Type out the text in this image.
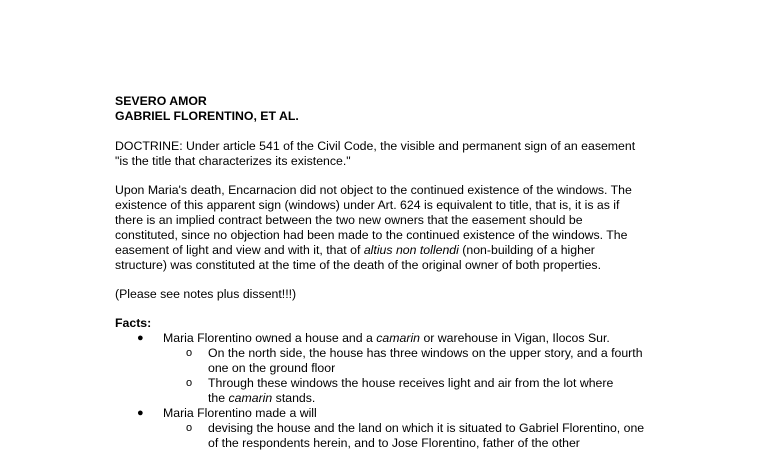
SEVERO AMOR
GABRIEL FLORENTINO, ET AL.
DOCTRINE: Under article 541 of the Civil Code, the visible and permanent sign of an easement
"is the title that characterizes its existence."
Upon Maria's death, Encarnacion did not object to the continued existence of the windows. The
existence of this apparent sign (windows) under Art. 624 is equivalent to title, that is, it is as if
there is an implied contract between the two new owners that the easement should be
constituted, since no objection had been made to the continued existence of the windows. The
easement of light and view and with it, that of altius non tollendi (non-building of a higher
structure) was constituted at the time of the death of the original owner of both properties.
(Please see notes plus dissent!!!)
Facts:
● Maria Florentino owned a house and a camarin or warehouse in Vigan, Ilocos Sur.
o On the north side, the house has three windows on the upper story, and a fourth
one on the ground floor
o Through these windows the house receives light and air from the lot where
the camarin stands.
● Maria Florentino made a will
o devising the house and the land on which it is situated to Gabriel Florentino, one
of the respondents herein, and to Jose Florentino, father of the other
